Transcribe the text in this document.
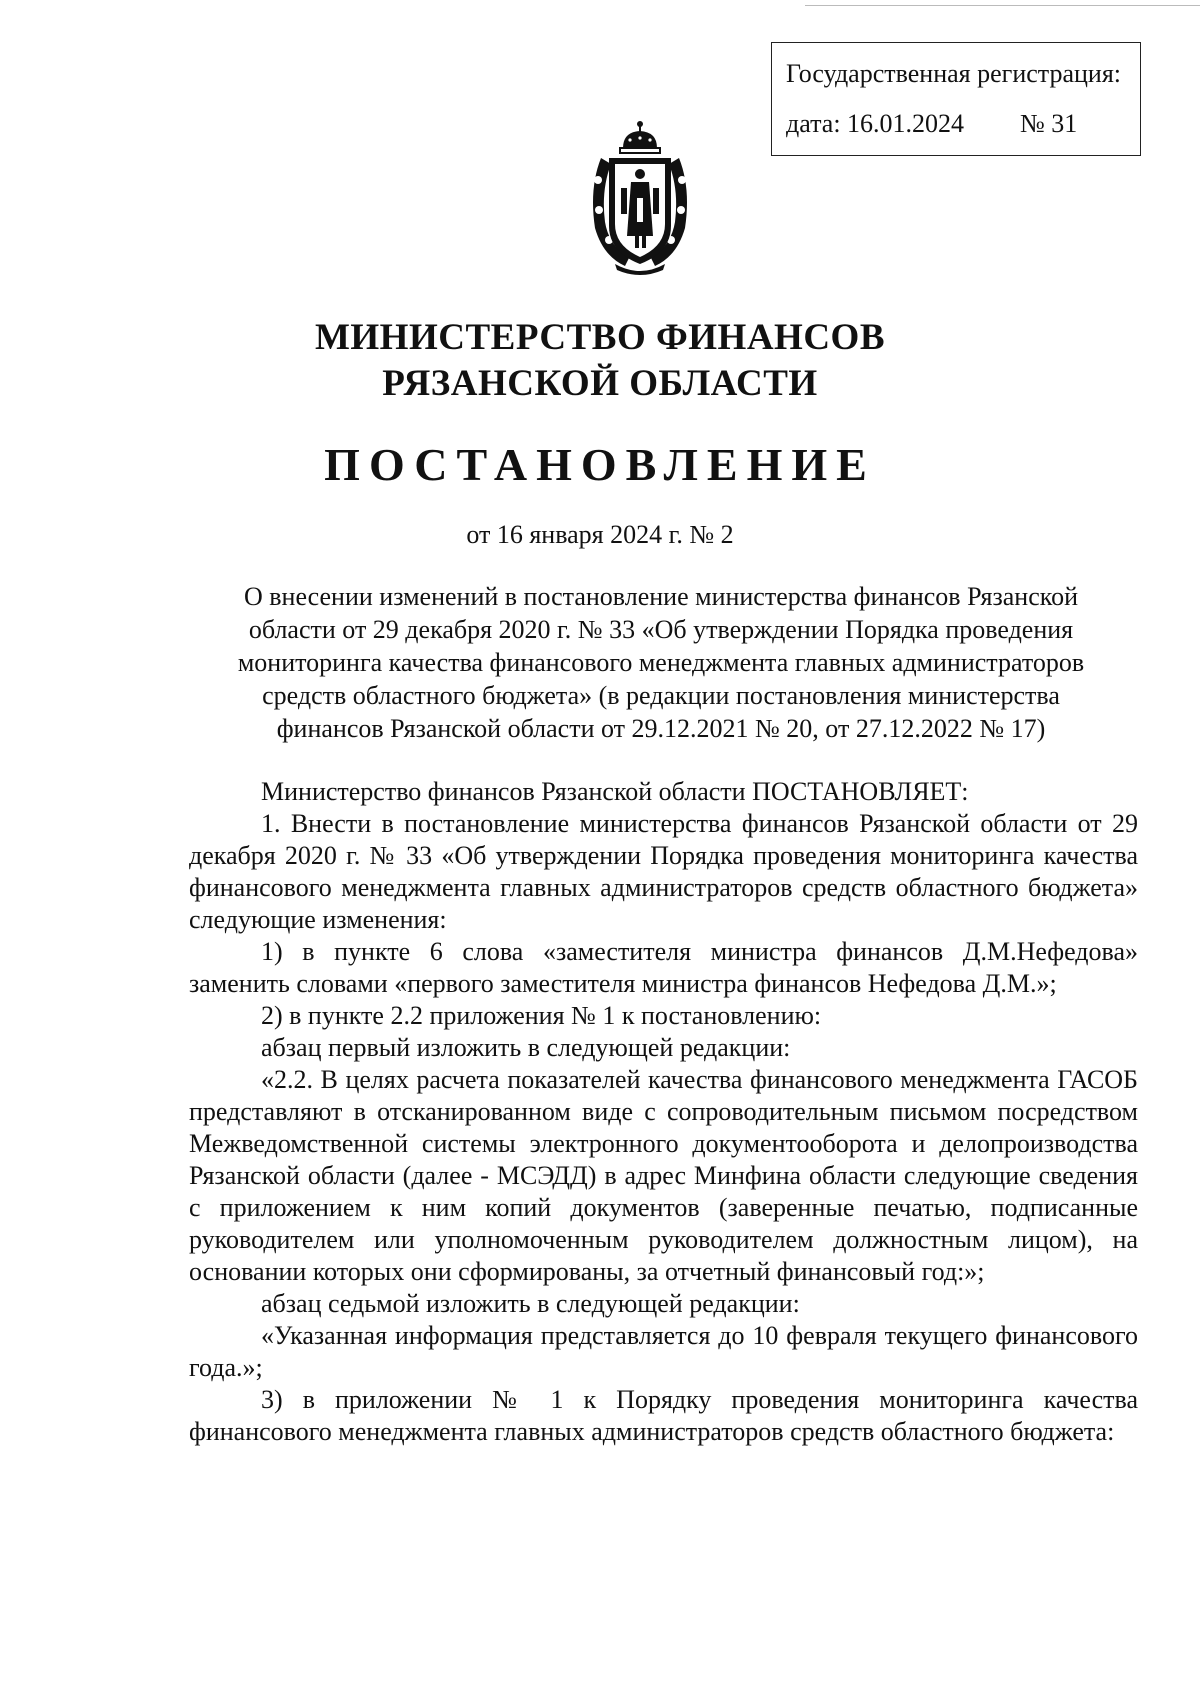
Государственная регистрация:
дата: 16.01.2024 № 31
МИНИСТЕРСТВО ФИНАНСОВ
РЯЗАНСКОЙ ОБЛАСТИ
ПОСТАНОВЛЕНИЕ
от 16 января 2024 г. № 2
О внесении изменений в постановление министерства финансов Рязанской
области от 29 декабря 2020 г. № 33 «Об утверждении Порядка проведения
мониторинга качества финансового менеджмента главных администраторов
средств областного бюджета» (в редакции постановления министерства
финансов Рязанской области от 29.12.2021 № 20, от 27.12.2022 № 17)

Министерство финансов Рязанской области ПОСТАНОВЛЯЕТ:

1. Внести в постановление министерства финансов Рязанской области от 29 декабря 2020 г. № 33 «Об утверждении Порядка проведения мониторинга качества финансового менеджмента главных администраторов средств областного бюджета» следующие изменения:

1) в пункте 6 слова «заместителя министра финансов Д.М.Нефедова» заменить словами «первого заместителя министра финансов Нефедова Д.М.»;

2) в пункте 2.2 приложения № 1 к постановлению:

абзац первый изложить в следующей редакции:

«2.2. В целях расчета показателей качества финансового менеджмента ГАСОБ представляют в отсканированном виде с сопроводительным письмом посредством Межведомственной системы электронного документооборота и делопроизводства Рязанской области (далее - МСЭДД) в адрес Минфина области следующие сведения с приложением к ним копий документов (заверенные печатью, подписанные руководителем или уполномоченным руководителем должностным лицом), на основании которых они сформированы, за отчетный финансовый год:»;

абзац седьмой изложить в следующей редакции:

«Указанная информация представляется до 10 февраля текущего финансового года.»;

3) в приложении № 1 к Порядку проведения мониторинга качества финансового менеджмента главных администраторов средств областного бюджета:
